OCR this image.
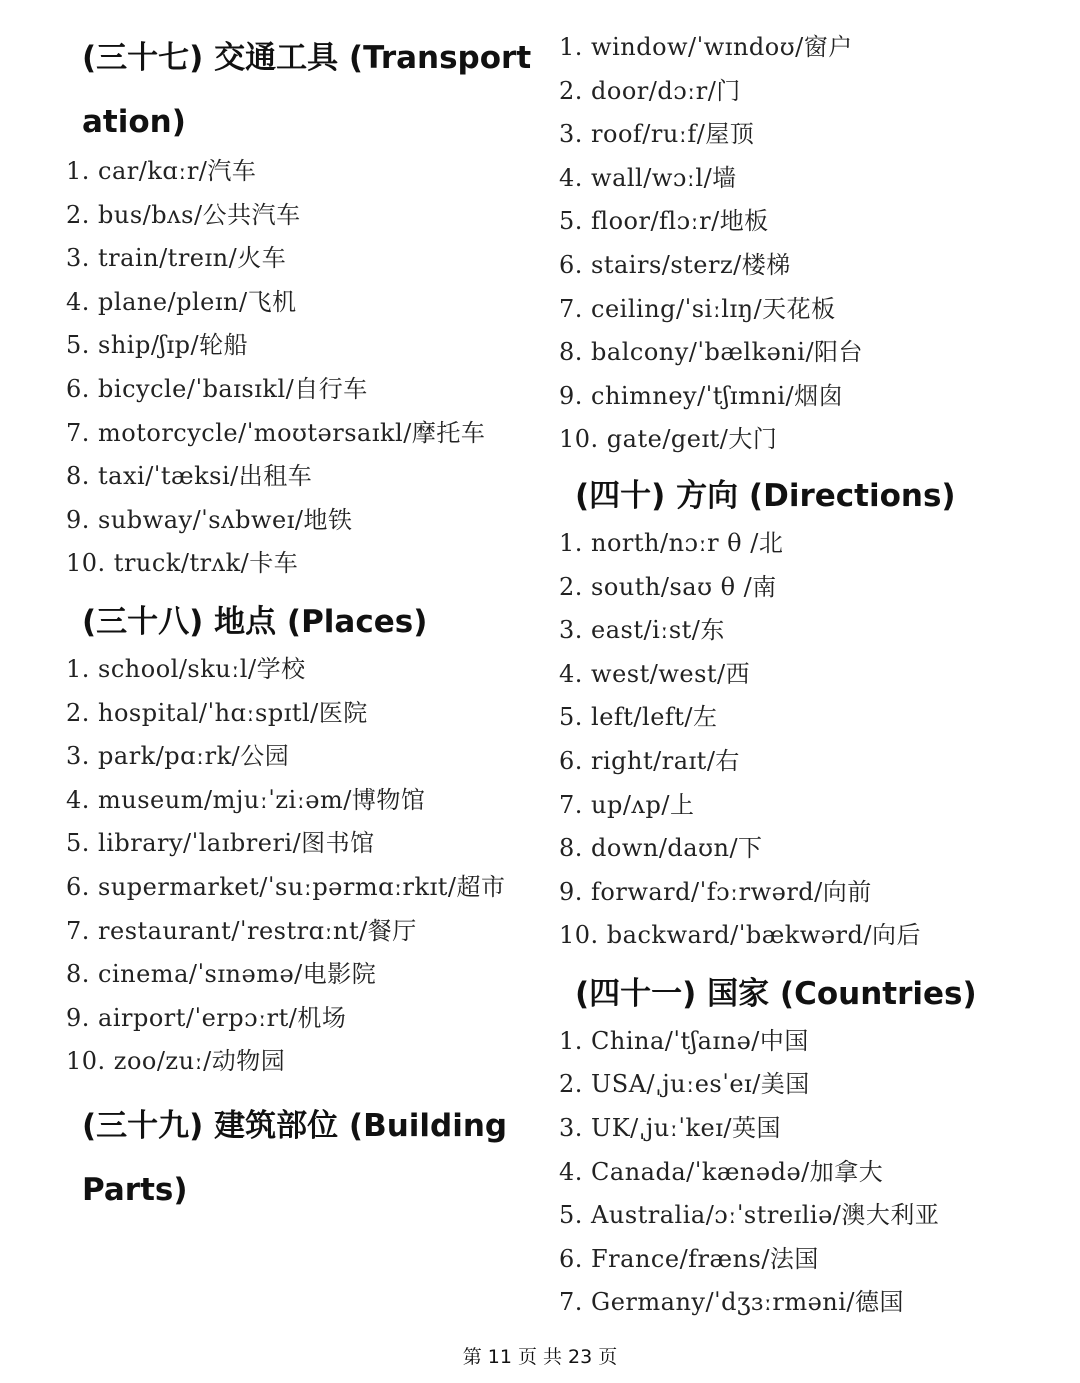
(三十七) 交通工具 (Transportation)
1. car/kɑːr/汽车
2. bus/bʌs/公共汽车
3. train/treɪn/火车
4. plane/pleɪn/飞机
5. ship/ʃɪp/轮船
6. bicycle/ˈbaɪsɪkl/自行车
7. motorcycle/ˈmoʊtərsaɪkl/摩托车
8. taxi/ˈtæksi/出租车
9. subway/ˈsʌbweɪ/地铁
10. truck/trʌk/卡车
(三十八) 地点 (Places)
1. school/skuːl/学校
2. hospital/ˈhɑːspɪtl/医院
3. park/pɑːrk/公园
4. museum/mjuːˈziːəm/博物馆
5. library/ˈlaɪbreri/图书馆
6. supermarket/ˈsuːpərmɑːrkɪt/超市
7. restaurant/ˈrestrɑːnt/餐厅
8. cinema/ˈsɪnəmə/电影院
9. airport/ˈerpɔːrt/机场
10. zoo/zuː/动物园
(三十九) 建筑部位 (Building Parts)
1. window/ˈwɪndoʊ/窗户
2. door/dɔːr/门
3. roof/ruːf/屋顶
4. wall/wɔːl/墙
5. floor/flɔːr/地板
6. stairs/sterz/楼梯
7. ceiling/ˈsiːlɪŋ/天花板
8. balcony/ˈbælkəni/阳台
9. chimney/ˈtʃɪmni/烟囱
10. gate/geɪt/大门
(四十) 方向 (Directions)
1. north/nɔːr θ /北
2. south/saʊ θ /南
3. east/iːst/东
4. west/west/西
5. left/left/左
6. right/raɪt/右
7. up/ʌp/上
8. down/daʊn/下
9. forward/ˈfɔːrwərd/向前
10. backward/ˈbækwərd/向后
(四十一) 国家 (Countries)
1. China/ˈtʃaɪnə/中国
2. USA/ˌjuːesˈeɪ/美国
3. UK/ˌjuːˈkeɪ/英国
4. Canada/ˈkænədə/加拿大
5. Australia/ɔːˈstreɪliə/澳大利亚
6. France/fræns/法国
7. Germany/ˈdʒɜːrməni/德国
第 11 页 共 23 页
